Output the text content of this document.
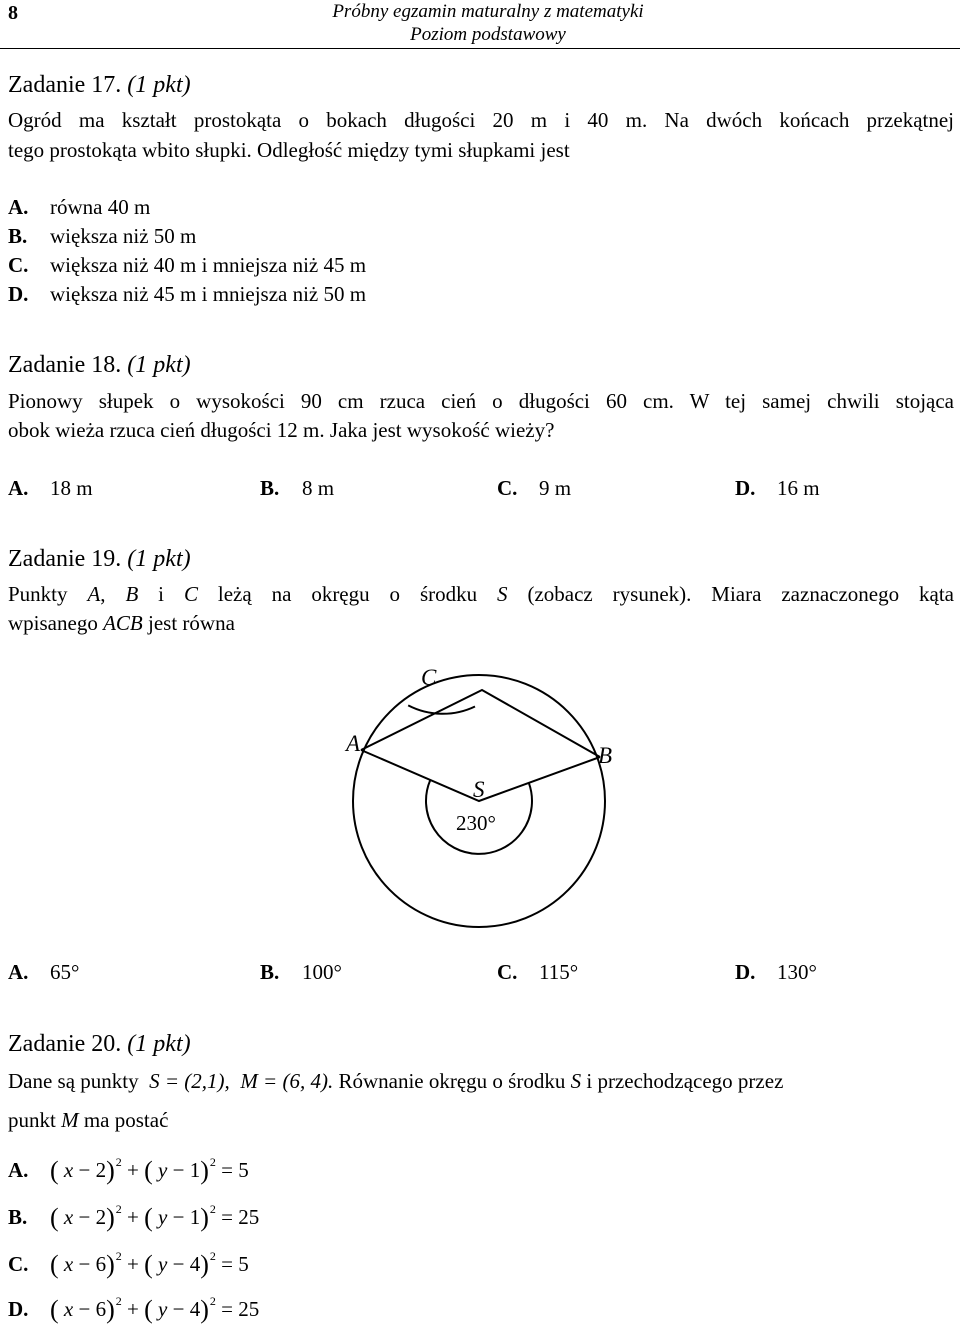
8	Próbny egzamin maturalny z matematyki
Poziom podstawowy
Zadanie 17. (1 pkt)
Ogród ma kształt prostokąta o bokach długości 20 m i 40 m. Na dwóch końcach przekątnej
tego prostokąta wbito słupki. Odległość między tymi słupkami jest
A. równa 40 m
B. większa niż 50 m
C. większa niż 40 m i mniejsza niż 45 m
D. większa niż 45 m i mniejsza niż 50 m
Zadanie 18. (1 pkt)
Pionowy słupek o wysokości 90 cm rzuca cień o długości 60 cm. W tej samej chwili stojąca
obok wieża rzuca cień długości 12 m. Jaka jest wysokość wieży?
A. 18 m	B. 8 m	C. 9 m	D. 16 m
Zadanie 19. (1 pkt)
Punkty A, B i C leżą na okręgu o środku S (zobacz rysunek). Miara zaznaczonego kąta
wpisanego ACB jest równa
C
A	B
S
230°
A. 65°	B. 100°	C. 115°	D. 130°
Zadanie 20. (1 pkt)
Dane są punkty S = (2,1), M = (6, 4). Równanie okręgu o środku S i przechodzącego przez
punkt M ma postać
A. ( x − 2)$^2$ + ( y − 1)$^2$ = 5
B. ( x − 2)$^2$ + ( y − 1)$^2$ = 25
C. ( x − 6)$^2$ + ( y − 4)$^2$ = 5
D. ( x − 6)$^2$ + ( y − 4)$^2$ = 25
